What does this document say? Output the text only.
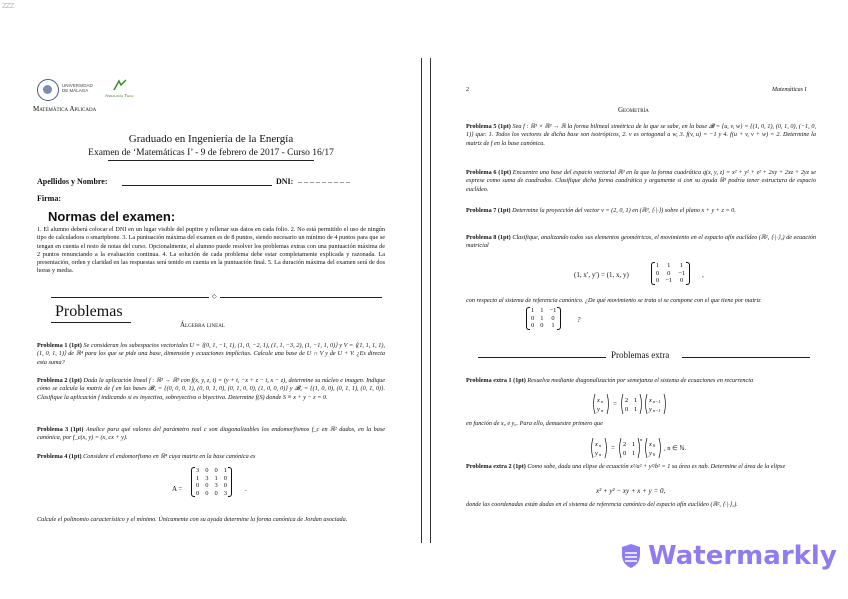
ZZZ
UNIVERSIDAD
DE MÁLAGA
Andalucía Tech
Matemática Aplicada
Graduado en Ingeniería de la Energía
Examen de ‘Matemáticas I’ - 9 de febrero de 2017 - Curso 16/17
Apellidos y Nombre:	DNI: _ _ _ _ _ _ _ _ _
Firma:
Normas del examen:
1. El alumno deberá colocar el DNI en un lugar visible del pupitre y rellenar sus datos en cada folio. 2. No está permitido el uso de ningún tipo de calculadora o smartphone. 3. La puntuación máxima del examen es de 8 puntos, siendo necesario un mínimo de 4 puntos para que se tengan en cuenta el resto de notas del curso. Opcionalmente, el alumno puede resolver los problemas extras con una puntuación máxima de 2 puntos renunciando a la evaluación continua. 4. La solución de cada problema debe estar completamente explicada y razonada. La presentación, orden y claridad en las respuestas será tenido en cuenta en la puntuación final. 5. La duración máxima del examen será de dos horas y media.
◇
Problemas
Álgebra lineal
Problema 1 (1pt) Se consideran los subespacios vectoriales U = ⟨(0, 1, −1, 1), (1, 0, −2, 1), (1, 1, −3, 2), (1, −1, 1, 0)⟩ y V = ⟨(1, 1, 1, 1), (1, 0, 1, 1)⟩ de ℝ⁴ para los que se pide una base, dimensión y ecuaciones implícitas. Calcule una base de U ∩ V y de U + V. ¿Es directa esta suma?
Problema 2 (1pt) Dada la aplicación lineal f : ℝ³ → ℝ³ con f(x, y, z, t) = (y + t, −x + z − t, x − z), determine su núcleo e imagen. Indique cómo se calcula la matriz de f en las bases 𝓑₁ = {(0, 0, 0, 1), (0, 0, 1, 0), (0, 1, 0, 0), (1, 0, 0, 0)} y 𝓑₂ = {(1, 0, 0), (0, 1, 1), (0, 1, 0)}. Clasifique la aplicación f indicando si es inyectiva, sobreyectiva o biyectiva. Determine f(S) donde S ≡ x + y − z = 0.
Problema 3 (1pt) Analice para qué valores del parámetro real c son diagonalizables los endomorfismos f_c en ℝ² dados, en la base canónica, por f_c(x, y) = (x, cx + y).
Problema 4 (1pt) Considere el endomorfismo en ℝ⁴ cuya matriz en la base canónica es
A =
3	0	0	1
1	3	1	0
0	0	3	0
0	0	0	3	.
Calcule el polinomio característico y el mínimo. Únicamente con su ayuda determine la forma canónica de Jordan asociada.
2	Matemáticas I
Geometría
Problema 5 (1pt) Sea f : ℝ³ × ℝ³ → ℝ la forma bilineal simétrica de la que se sabe, en la base 𝓑 = {u, v, w} = {(1, 0, 1), (0, 1, 0), (−1, 0, 1)} que: 1. Todos los vectores de dicha base son isotrópicos, 2. v es ortogonal a w, 3. f(v, u) = −1 y 4. f(u + v, v + w) = 2. Determine la matriz de f en la base canónica.
Problema 6 (1pt) Encuentre una base del espacio vectorial ℝ³ en la que la forma cuadrática q(x, y, z) = x² + y² + z² + 2xy + 2xz + 2yz se exprese como suma de cuadrados. Clasifique dicha forma cuadrática y argumente si con su ayuda ℝ³ podría tener estructura de espacio euclídeo.
Problema 7 (1pt) Determine la proyección del vector v = (2, 0, 1) en (ℝ³, ⟨·|·⟩) sobre el plano x + y + z = 0.
Problema 8 (1pt) Clasifique, analizando todos sus elementos geométricos, el movimiento en el espacio afín euclídeo (ℝ², ⟨·|·⟩₂) de ecuación matricial
(1, x′, y′) = (1, x, y)
1	1	1
0	0	−1
0	−1	0
,
con respecto al sistema de referencia canónico. ¿De qué movimiento se trata si se compone con el que tiene por matriz
1	1	−1
0	1	0
0	0	1
?
Problemas extra
Problema extra 1 (1pt) Resuelva mediante diagonalización por semejanza el sistema de ecuaciones en recurrencia
x n
y n
= 2 1
0 1
x n−1
y n−1
en función de x₀ e y₀. Para ello, demuestre primero que
x n
y n
= 2 1
0 1
n
x 0
y 0
, n ∈ ℕ.
Problema extra 2 (1pt) Como sabe, dada una elipse de ecuación x²/a² + y²/b² = 1 su área es πab. Determine el área de la elipse
x² + y² − xy + x + y = 0,
donde las coordenadas están dadas en el sistema de referencia canónico del espacio afín euclídeo (ℝ², ⟨·|·⟩₂).
Watermarkly
